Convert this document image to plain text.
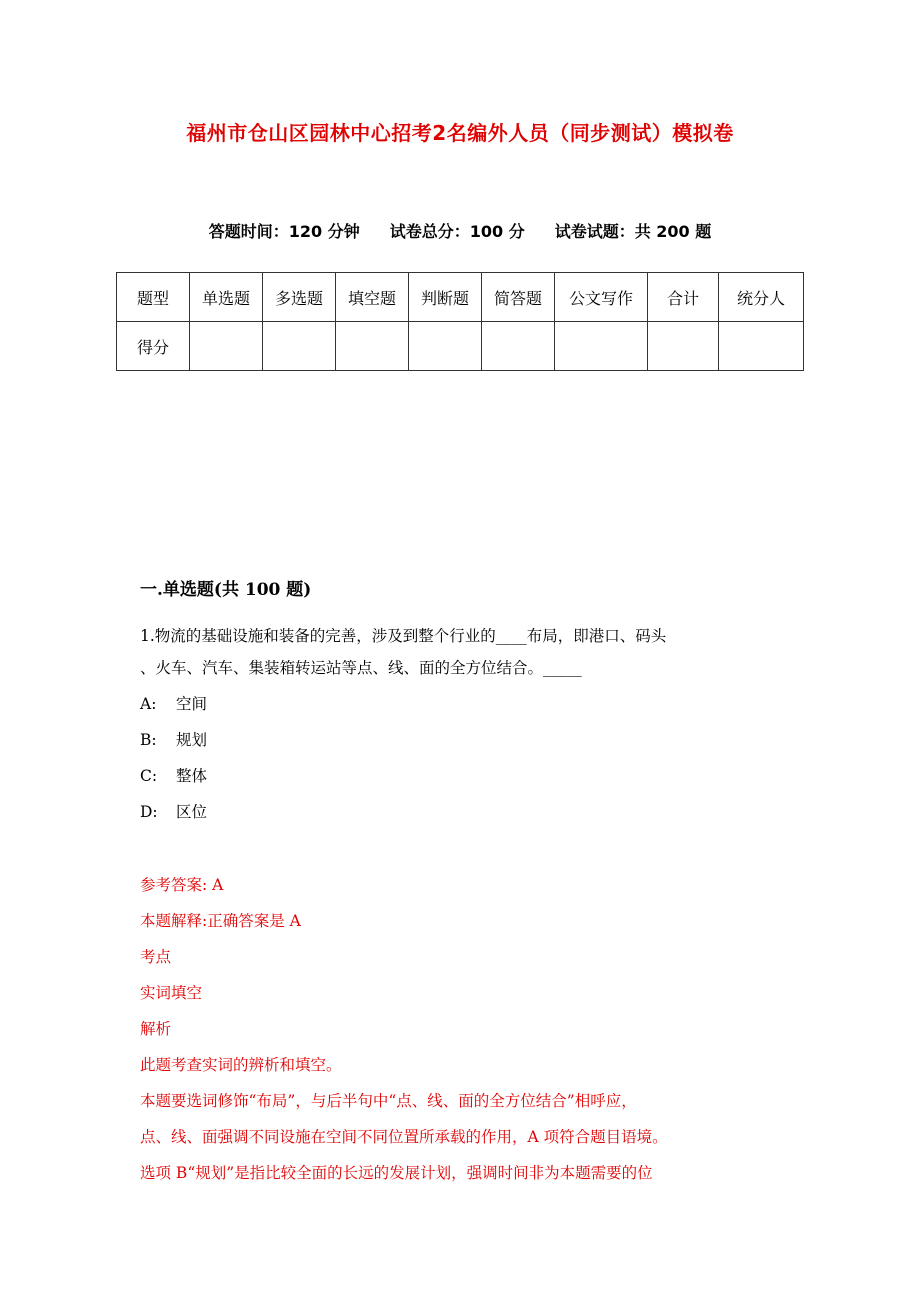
福州市仓山区园林中心招考2名编外人员（同步测试）模拟卷
答题时间：120 分钟 试卷总分：100 分 试卷试题：共 200 题
题型	单选题	多选题	填空题	判断题	简答题	公文写作	合计	统分人
得分								
一.单选题(共 100 题)
1.物流的基础设施和装备的完善，涉及到整个行业的____布局，即港口、码头
、火车、汽车、集装箱转运站等点、线、面的全方位结合。_____
A: 空间
B: 规划
C: 整体
D: 区位
参考答案: A
本题解释:正确答案是 A
考点
实词填空
解析
此题考查实词的辨析和填空。
本题要选词修饰“布局”，与后半句中“点、线、面的全方位结合”相呼应，
点、线、面强调不同设施在空间不同位置所承载的作用，A 项符合题目语境。
选项 B“规划”是指比较全面的长远的发展计划，强调时间非为本题需要的位
